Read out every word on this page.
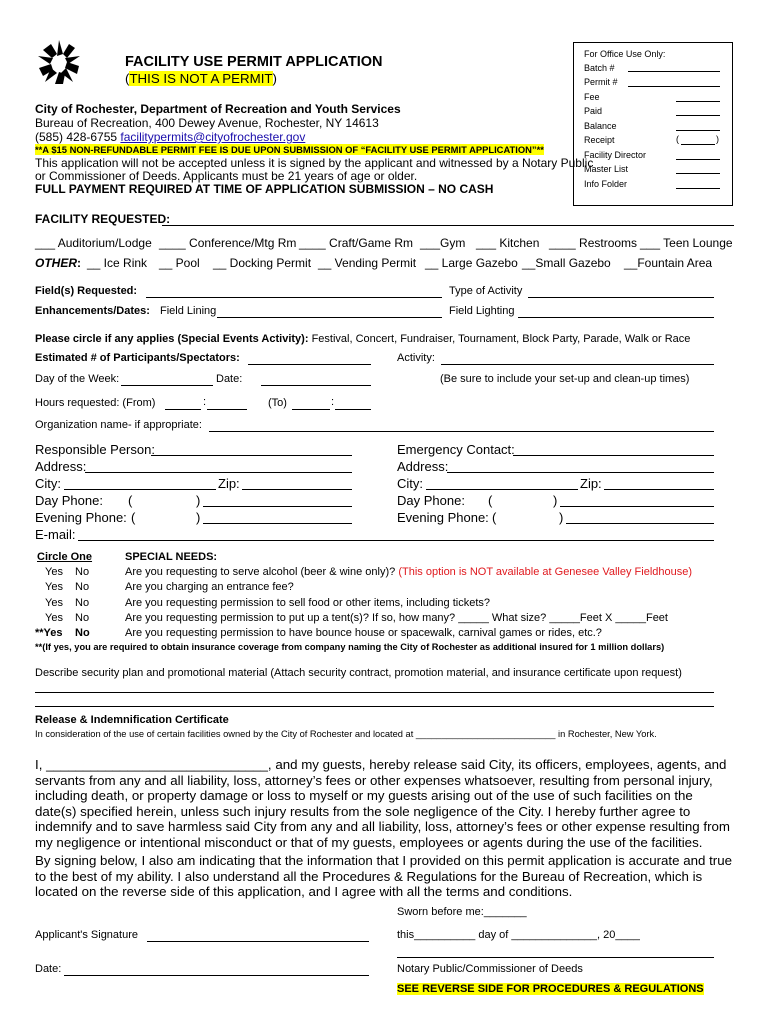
FACILITY USE PERMIT APPLICATION
(THIS IS NOT A PERMIT)
City of Rochester, Department of Recreation and Youth Services
Bureau of Recreation, 400 Dewey Avenue, Rochester, NY 14613
(585) 428-6755 facilitypermits@cityofrochester.gov
**A $15 NON-REFUNDABLE PERMIT FEE IS DUE UPON SUBMISSION OF “FACILITY USE PERMIT APPLICATION”**
This application will not be accepted unless it is signed by the applicant and witnessed by a Notary Public
or Commissioner of Deeds. Applicants must be 21 years of age or older.
FULL PAYMENT REQUIRED AT TIME OF APPLICATION SUBMISSION – NO CASH
For Office Use Only:
Batch #
Permit #
Fee
Paid
Balance
Receipt	(	)
Facility Director
Master List
Info Folder
FACILITY REQUESTED:
___ Auditorium/Lodge ____ Conference/Mtg Rm ____ Craft/Game Rm ___Gym ___ Kitchen ____ Restrooms ___ Teen Lounge
OTHER: __ Ice Rink __ Pool __ Docking Permit __ Vending Permit __ Large Gazebo __Small Gazebo __Fountain Area
Field(s) Requested:	Type of Activity
Enhancements/Dates: Field Lining	Field Lighting
Please circle if any applies (Special Events Activity): Festival, Concert, Fundraiser, Tournament, Block Party, Parade, Walk or Race
Estimated # of Participants/Spectators:	Activity:
Day of the Week:	Date:	(Be sure to include your set-up and clean-up times)
Hours requested: (From)	:	(To)	:
Organization name- if appropriate:
Responsible Person:
Address:
City:	Zip:
Day Phone: (	)
Evening Phone: (	)
E-mail:
Emergency Contact:
Address:
City:	Zip:
Day Phone: (	)
Evening Phone: (	)
Circle One	SPECIAL NEEDS:
Yes No	Are you requesting to serve alcohol (beer & wine only)? (This option is NOT available at Genesee Valley Fieldhouse)
Yes No	Are you charging an entrance fee?
Yes No	Are you requesting permission to sell food or other items, including tickets?
Yes No	Are you requesting permission to put up a tent(s)? If so, how many? _____ What size? _____Feet X _____Feet
**Yes No	Are you requesting permission to have bounce house or spacewalk, carnival games or rides, etc.?
**(If yes, you are required to obtain insurance coverage from company naming the City of Rochester as additional insured for 1 million dollars)
Describe security plan and promotional material (Attach security contract, promotion material, and insurance certificate upon request)
Release & Indemnification Certificate
In consideration of the use of certain facilities owned by the City of Rochester and located at ___________________________ in Rochester, New York.
I, ______________________________, and my guests, hereby release said City, its officers, employees, agents, and servants from any and all liability, loss, attorney’s fees or other expenses whatsoever, resulting from personal injury, including death, or property damage or loss to myself or my guests arising out of the use of such facilities on the date(s) specified herein, unless such injury results from the sole negligence of the City. I hereby further agree to indemnify and to save harmless said City from any and all liability, loss, attorney’s fees or other expense resulting from my negligence or intentional misconduct or that of my guests, employees or agents during the use of the facilities.
By signing below, I also am indicating that the information that I provided on this permit application is accurate and true to the best of my ability. I also understand all the Procedures & Regulations for the Bureau of Recreation, which is located on the reverse side of this application, and I agree with all the terms and conditions.
Sworn before me:_______
Applicant's Signature	this__________ day of ______________, 20____
Date:	Notary Public/Commissioner of Deeds
SEE REVERSE SIDE FOR PROCEDURES & REGULATIONS
